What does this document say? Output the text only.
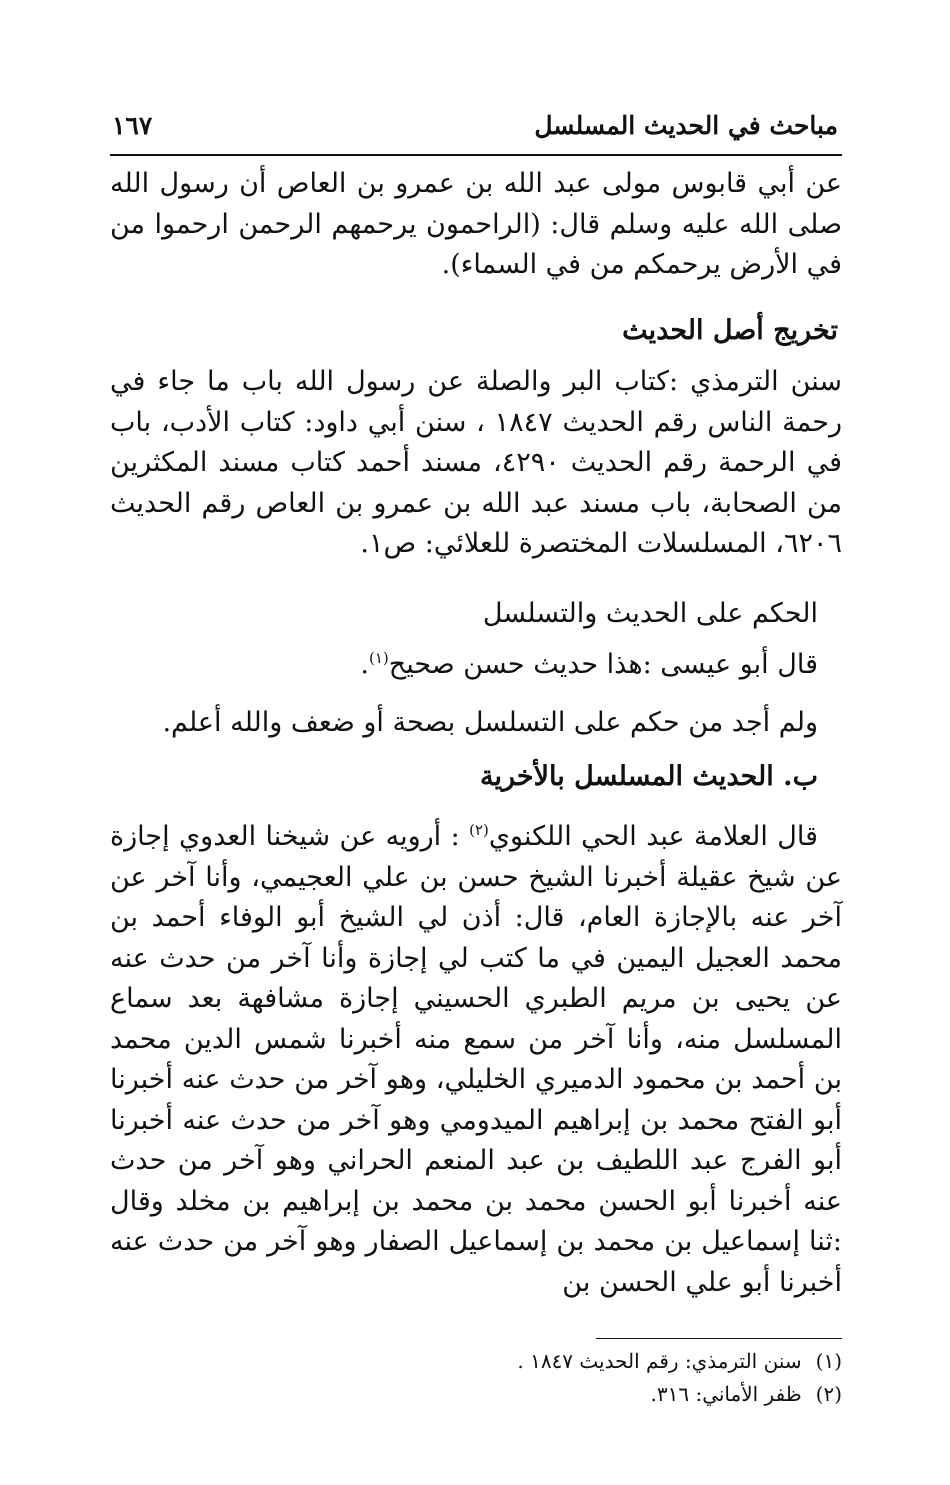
مباحث في الحديث المسلسل
١٦٧
عن أبي قابوس مولى عبد الله بن عمرو بن العاص أن رسول الله صلى الله عليه وسلم قال: (الراحمون يرحمهم الرحمن ارحموا من في الأرض يرحمكم من في السماء).
تخريج أصل الحديث
سنن الترمذي :كتاب البر والصلة عن رسول الله باب ما جاء في رحمة الناس رقم الحديث ١٨٤٧ ، سنن أبي داود: كتاب الأدب، باب في الرحمة رقم الحديث ٤٢٩٠، مسند أحمد كتاب مسند المكثرين من الصحابة، باب مسند عبد الله بن عمرو بن العاص رقم الحديث ٦٢٠٦، المسلسلات المختصرة للعلائي: ص١.
الحكم على الحديث والتسلسل
قال أبو عيسى :هذا حديث حسن صحيح$^{(١)}$.
ولم أجد من حكم على التسلسل بصحة أو ضعف والله أعلم.
ب. الحديث المسلسل بالأخرية
قال العلامة عبد الحي اللكنوي$^{(٢)}$ : أرويه عن شيخنا العدوي إجازة عن شيخ عقيلة أخبرنا الشيخ حسن بن علي العجيمي، وأنا آخر عن آخر عنه بالإجازة العام، قال: أذن لي الشيخ أبو الوفاء أحمد بن محمد العجيل اليمين في ما كتب لي إجازة وأنا آخر من حدث عنه عن يحيى بن مريم الطبري الحسيني إجازة مشافهة بعد سماع المسلسل منه، وأنا آخر من سمع منه أخبرنا شمس الدين محمد بن أحمد بن محمود الدميري الخليلي، وهو آخر من حدث عنه أخبرنا أبو الفتح محمد بن إبراهيم الميدومي وهو آخر من حدث عنه أخبرنا أبو الفرج عبد اللطيف بن عبد المنعم الحراني وهو آخر من حدث عنه أخبرنا أبو الحسن محمد بن محمد بن إبراهيم بن مخلد وقال :ثنا إسماعيل بن محمد بن إسماعيل الصفار وهو آخر من حدث عنه أخبرنا أبو علي الحسن بن
(١)
سنن الترمذي: رقم الحديث ١٨٤٧ .
(٢)
ظفر الأماني: ٣١٦.
